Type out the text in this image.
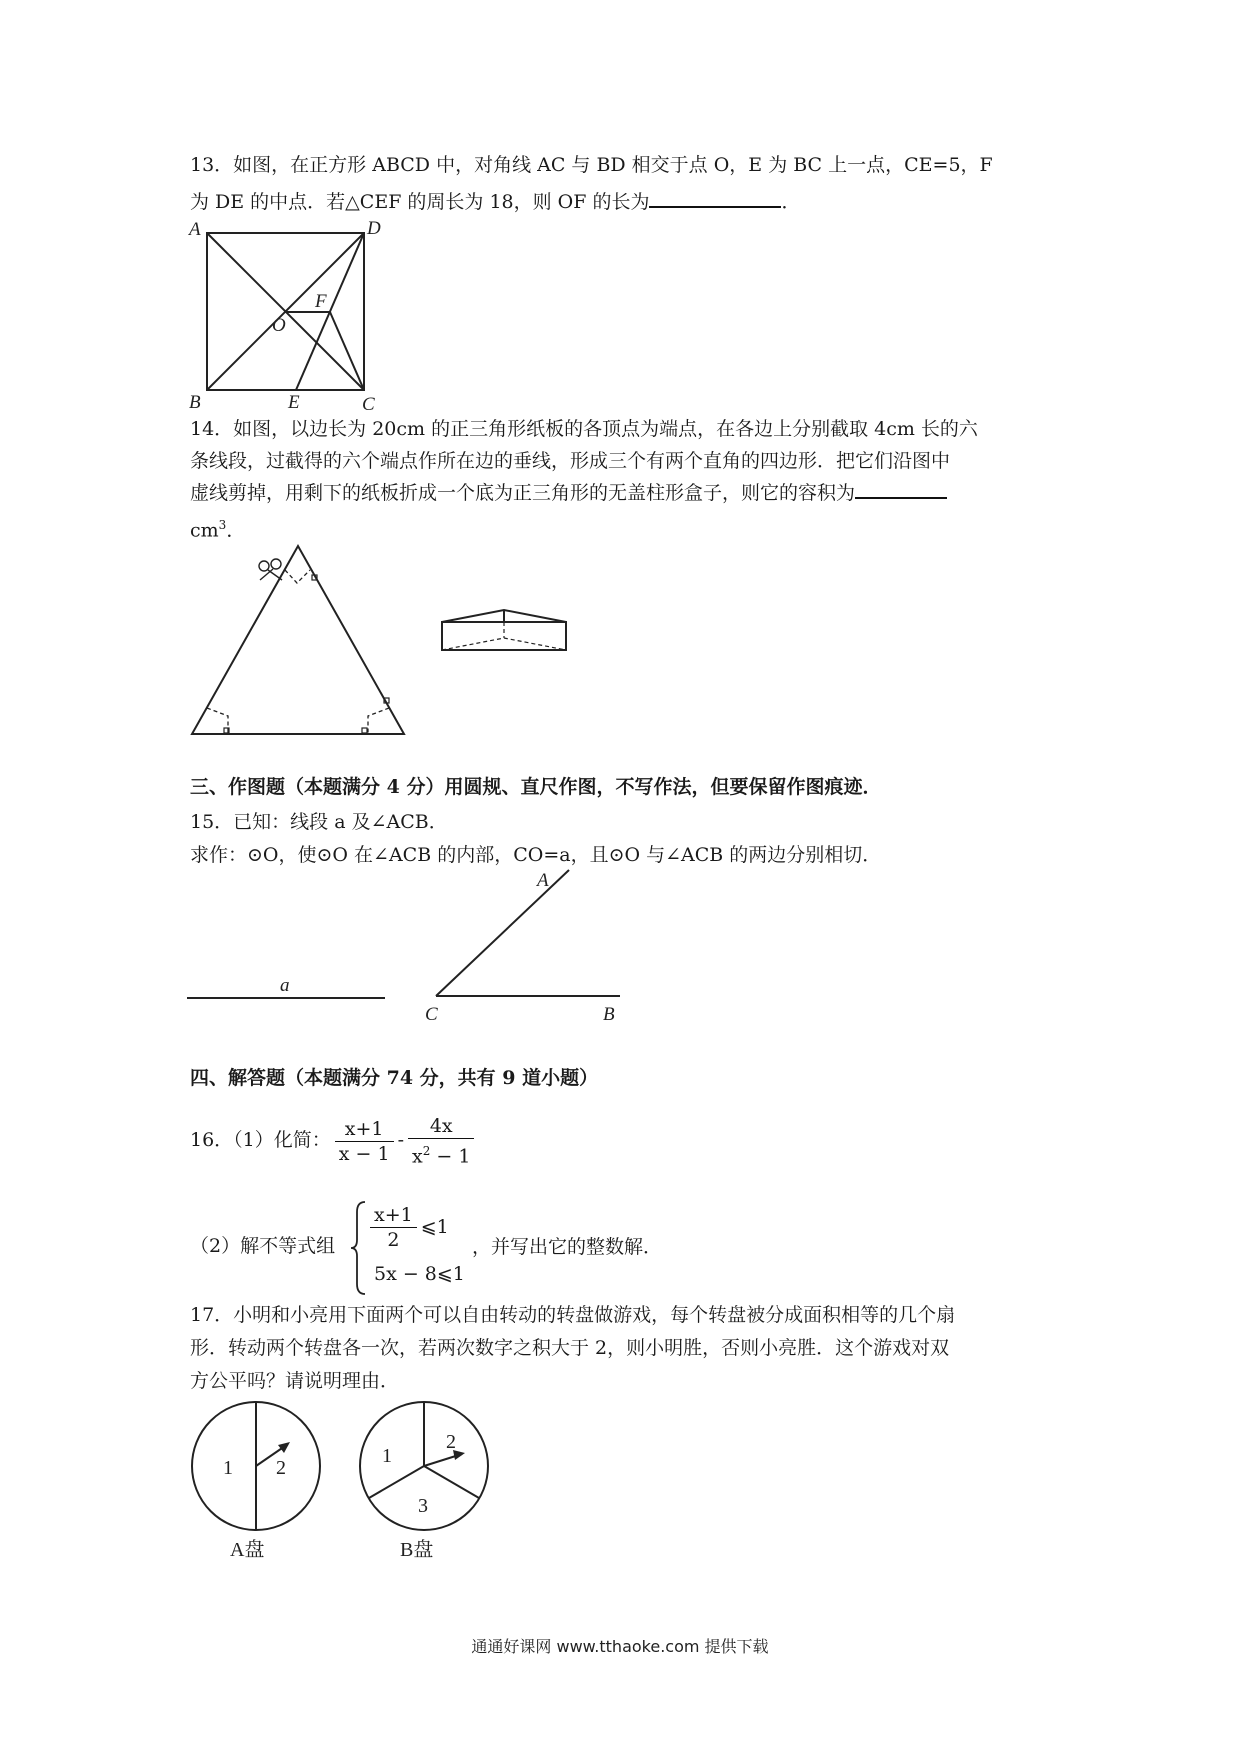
13．如图，在正方形 ABCD 中，对角线 AC 与 BD 相交于点 O，E 为 BC 上一点，CE=5，F
为 DE 的中点．若△CEF 的周长为 18，则 OF 的长为	．
A	D
B	C
E
F
O
14．如图，以边长为 20cm 的正三角形纸板的各顶点为端点，在各边上分别截取 4cm 长的六
条线段，过截得的六个端点作所在边的垂线，形成三个有两个直角的四边形．把它们沿图中
虚线剪掉，用剩下的纸板折成一个底为正三角形的无盖柱形盒子，则它的容积为
$cm^3$．
三、作图题（本题满分 4 分）用圆规、直尺作图，不写作法，但要保留作图痕迹．
15．已知：线段 a 及∠ACB．
求作：⊙O，使⊙O 在∠ACB 的内部，CO=a，且⊙O 与∠ACB 的两边分别相切．
a
A
C	B
四、解答题（本题满分 74 分，共有 9 道小题）
16．（1）化简： $\frac{x+1}{x - 1} - \frac{4x}{x^2 - 1}$
（2）解不等式组 $\frac{x+1}{2}$ ⩽1
5x − 8⩽1
，并写出它的整数解．
17．小明和小亮用下面两个可以自由转动的转盘做游戏，每个转盘被分成面积相等的几个扇
形．转动两个转盘各一次，若两次数字之积大于 2，则小明胜，否则小亮胜．这个游戏对双
方公平吗？请说明理由．
1 2
A盘
1
2
3
B盘
通通好课网 www.tthaoke.com 提供下载
